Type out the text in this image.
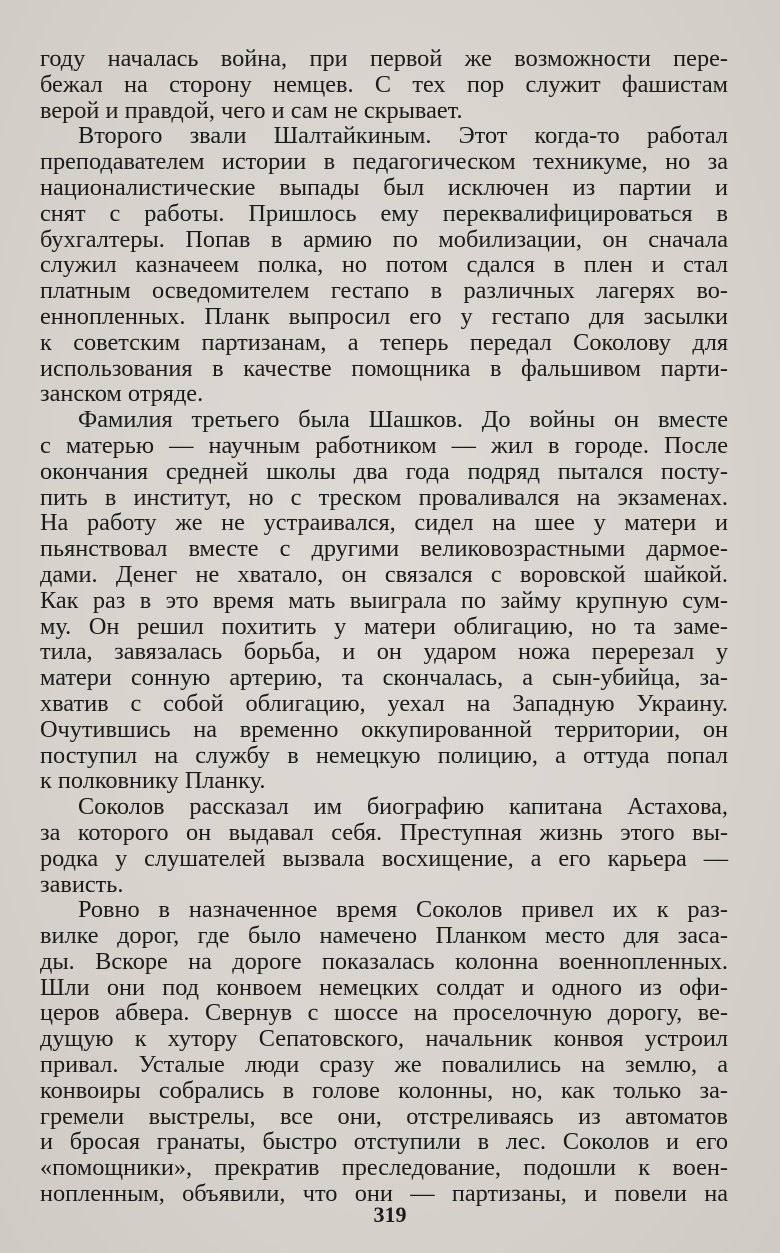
году началась война, при первой же возможности пере-
бежал на сторону немцев. С тех пор служит фашистам
верой и правдой, чего и сам не скрывает.
Второго звали Шалтайкиным. Этот когда-то работал
преподавателем истории в педагогическом техникуме, но за
националистические выпады был исключен из партии и
снят с работы. Пришлось ему переквалифицироваться в
бухгалтеры. Попав в армию по мобилизации, он сначала
служил казначеем полка, но потом сдался в плен и стал
платным осведомителем гестапо в различных лагерях во-
еннопленных. Планк выпросил его у гестапо для засылки
к советским партизанам, а теперь передал Соколову для
использования в качестве помощника в фальшивом парти-
занском отряде.
Фамилия третьего была Шашков. До войны он вместе
с матерью — научным работником — жил в городе. После
окончания средней школы два года подряд пытался посту-
пить в институт, но с треском проваливался на экзаменах.
На работу же не устраивался, сидел на шее у матери и
пьянствовал вместе с другими великовозрастными дармое-
дами. Денег не хватало, он связался с воровской шайкой.
Как раз в это время мать выиграла по займу крупную сум-
му. Он решил похитить у матери облигацию, но та заме-
тила, завязалась борьба, и он ударом ножа перерезал у
матери сонную артерию, та скончалась, а сын-убийца, за-
хватив с собой облигацию, уехал на Западную Украину.
Очутившись на временно оккупированной территории, он
поступил на службу в немецкую полицию, а оттуда попал
к полковнику Планку.
Соколов рассказал им биографию капитана Астахова,
за которого он выдавал себя. Преступная жизнь этого вы-
родка у слушателей вызвала восхищение, а его карьера —
зависть.
Ровно в назначенное время Соколов привел их к раз-
вилке дорог, где было намечено Планком место для заса-
ды. Вскоре на дороге показалась колонна военнопленных.
Шли они под конвоем немецких солдат и одного из офи-
церов абвера. Свернув с шоссе на проселочную дорогу, ве-
дущую к хутору Сепатовского, начальник конвоя устроил
привал. Усталые люди сразу же повалились на землю, а
конвоиры собрались в голове колонны, но, как только за-
гремели выстрелы, все они, отстреливаясь из автоматов
и бросая гранаты, быстро отступили в лес. Соколов и его
«помощники», прекратив преследование, подошли к воен-
нопленным, объявили, что они — партизаны, и повели на
319
